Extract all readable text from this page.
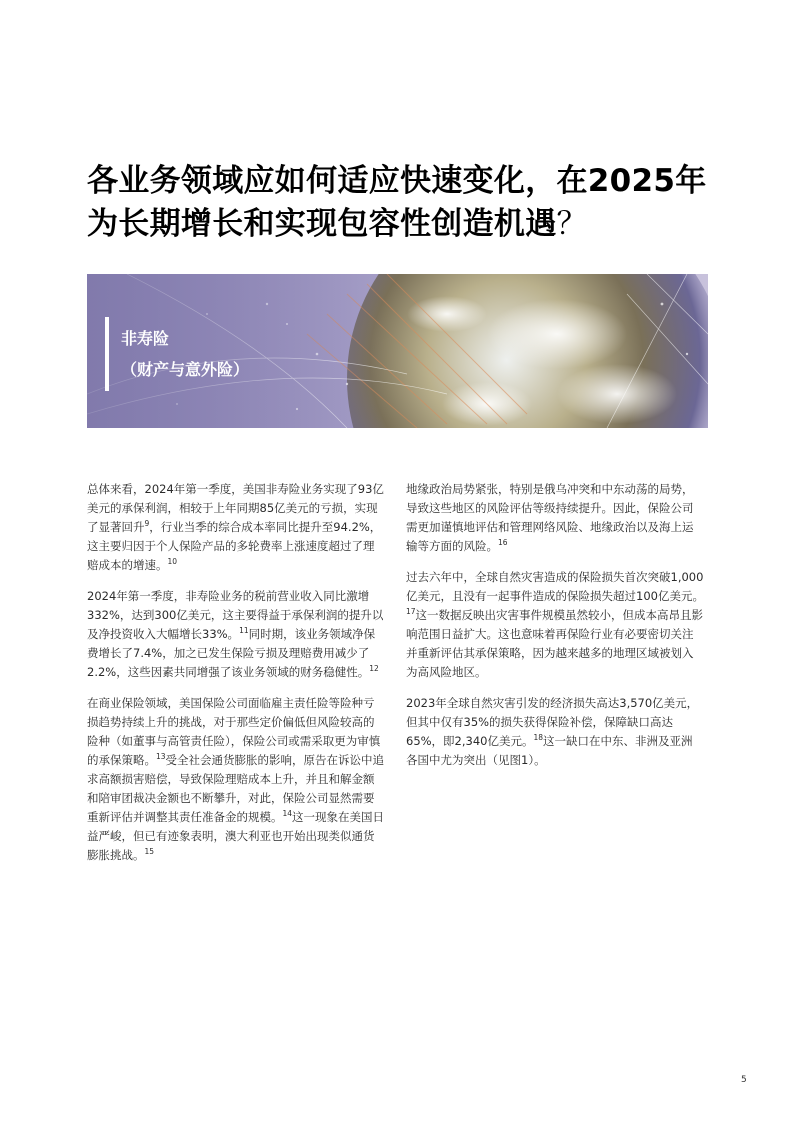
各业务领域应如何适应快速变化，在2025年
为长期增长和实现包容性创造机遇？
非寿险
（财产与意外险）

总体来看，2024年第一季度，美国非寿险业务实现了93亿美元的承保利润，相较于上年同期85亿美元的亏损，实现了显著回升$^9$，行业当季的综合成本率同比提升至94.2%，这主要归因于个人保险产品的多轮费率上涨速度超过了理赔成本的增速。$^{10}$

2024年第一季度，非寿险业务的税前营业收入同比激增332%，达到300亿美元，这主要得益于承保利润的提升以及净投资收入大幅增长33%。$^{11}$同时期，该业务领域净保费增长了7.4%，加之已发生保险亏损及理赔费用减少了2.2%，这些因素共同增强了该业务领域的财务稳健性。$^{12}$

在商业保险领域，美国保险公司面临雇主责任险等险种亏损趋势持续上升的挑战，对于那些定价偏低但风险较高的险种（如董事与高管责任险），保险公司或需采取更为审慎的承保策略。$^{13}$受全社会通货膨胀的影响，原告在诉讼中追求高额损害赔偿，导致保险理赔成本上升，并且和解金额和陪审团裁决金额也不断攀升，对此，保险公司显然需要重新评估并调整其责任准备金的规模。$^{14}$这一现象在美国日益严峻，但已有迹象表明，澳大利亚也开始出现类似通货膨胀挑战。$^{15}$

地缘政治局势紧张，特别是俄乌冲突和中东动荡的局势，导致这些地区的风险评估等级持续提升。因此，保险公司需更加谨慎地评估和管理网络风险、地缘政治以及海上运输等方面的风险。$^{16}$

过去六年中，全球自然灾害造成的保险损失首次突破1,000亿美元，且没有一起事件造成的保险损失超过100亿美元。$^{17}$这一数据反映出灾害事件规模虽然较小，但成本高昂且影响范围日益扩大。这也意味着再保险行业有必要密切关注并重新评估其承保策略，因为越来越多的地理区域被划入为高风险地区。

2023年全球自然灾害引发的经济损失高达3,570亿美元，但其中仅有35%的损失获得保险补偿，保障缺口高达65%，即2,340亿美元。$^{18}$这一缺口在中东、非洲及亚洲各国中尤为突出（见图1）。

5
